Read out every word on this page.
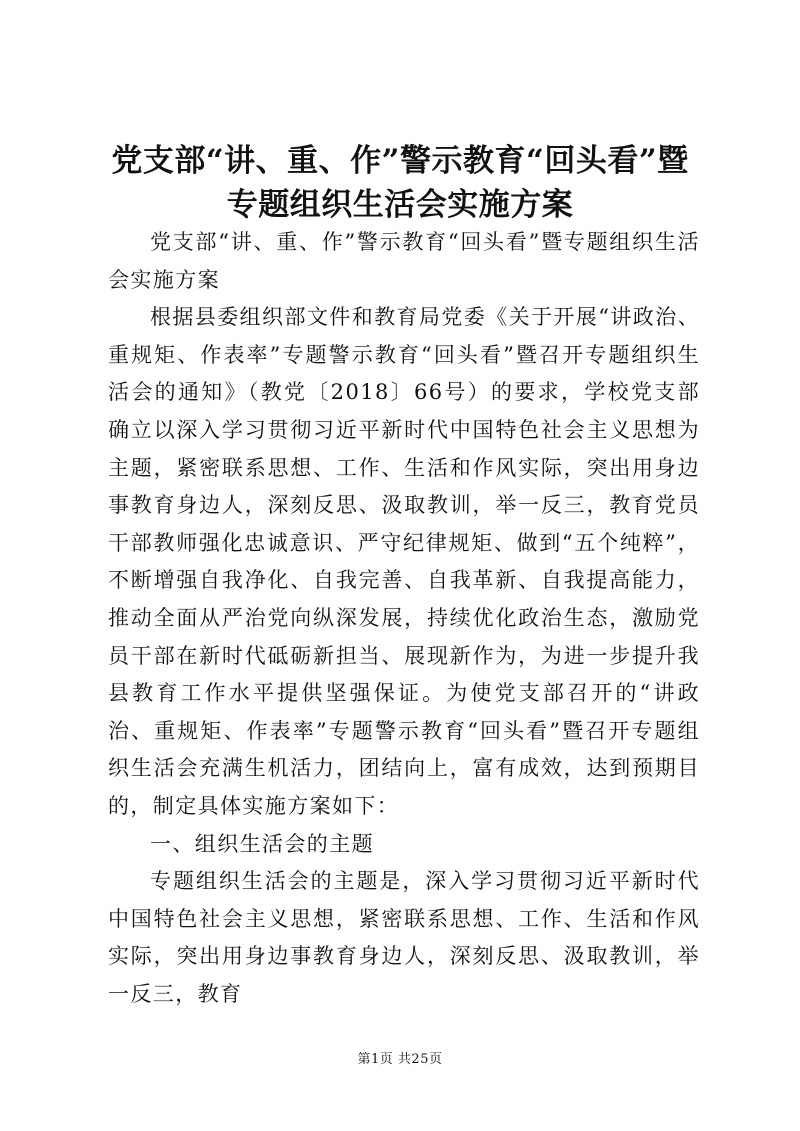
党支部“讲、重、作”警示教育“回头看”暨
专题组织生活会实施方案

党支部“讲、重、作”警示教育“回头看”暨专题组织生活会实施方案

根据县委组织部文件和教育局党委《关于开展“讲政治、重规矩、作表率”专题警示教育“回头看”暨召开专题组织生活会的通知》（教党〔2018〕66号）的要求，学校党支部确立以深入学习贯彻习近平新时代中国特色社会主义思想为主题，紧密联系思想、工作、生活和作风实际，突出用身边事教育身边人，深刻反思、汲取教训，举一反三，教育党员干部教师强化忠诚意识、严守纪律规矩、做到“五个纯粹”，不断增强自我净化、自我完善、自我革新、自我提高能力，推动全面从严治党向纵深发展，持续优化政治生态，激励党员干部在新时代砥砺新担当、展现新作为，为进一步提升我县教育工作水平提供坚强保证。为使党支部召开的“讲政治、重规矩、作表率”专题警示教育“回头看”暨召开专题组织生活会充满生机活力，团结向上，富有成效，达到预期目的，制定具体实施方案如下：

一、组织生活会的主题

专题组织生活会的主题是，深入学习贯彻习近平新时代中国特色社会主义思想，紧密联系思想、工作、生活和作风实际，突出用身边事教育身边人，深刻反思、汲取教训，举一反三，教育

第1页 共25页
